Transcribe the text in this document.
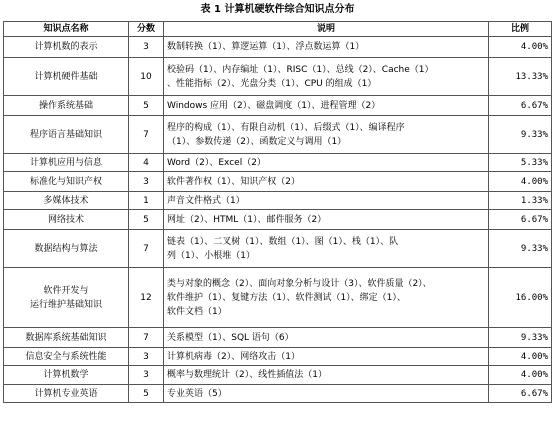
表 1 计算机硬软件综合知识点分布
知识点名称	分数	说明	比例
计算机数的表示	3	数制转换（1）、算逻运算（1）、浮点数运算（1）	4.00%
计算机硬件基础	10	校验码（1）、内存编址（1）、RISC（1）、总线（2）、Cache（1）
、性能指标（2）、光盘分类（1）、CPU 的组成（1）	13.33%
操作系统基础	5	Windows 应用（2）、磁盘调度（1）、进程管理（2）	6.67%
程序语言基础知识	7	程序的构成（1）、有限自动机（1）、后缀式（1）、编译程序
（1）、参数传递（2）、函数定义与调用（1）	9.33%
计算机应用与信息	4	Word（2）、Excel（2）	5.33%
标准化与知识产权	3	软件著作权（1）、知识产权（2）	4.00%
多媒体技术	1	声音文件格式（1）	1.33%
网络技术	5	网址（2）、HTML（1）、邮件服务（2）	6.67%
数据结构与算法	7	链表（1）、二叉树（1）、数组（1）、图（1）、栈（1）、队
列（1）、小根堆（1）	9.33%
软件开发与
运行维护基础知识	12	类与对象的概念（2）、面向对象分析与设计（3）、软件质量（2）、
软件维护（1）、复键方法（1）、软件测试（1）、绑定（1）、
软件文档（1）	16.00%
数据库系统基础知识	7	关系模型（1）、SQL 语句（6）	9.33%
信息安全与系统性能	3	计算机病毒（2）、网络攻击（1）	4.00%
计算机数学	3	概率与数理统计（2）、线性插值法（1）	4.00%
计算机专业英语	5	专业英语（5）	6.67%
